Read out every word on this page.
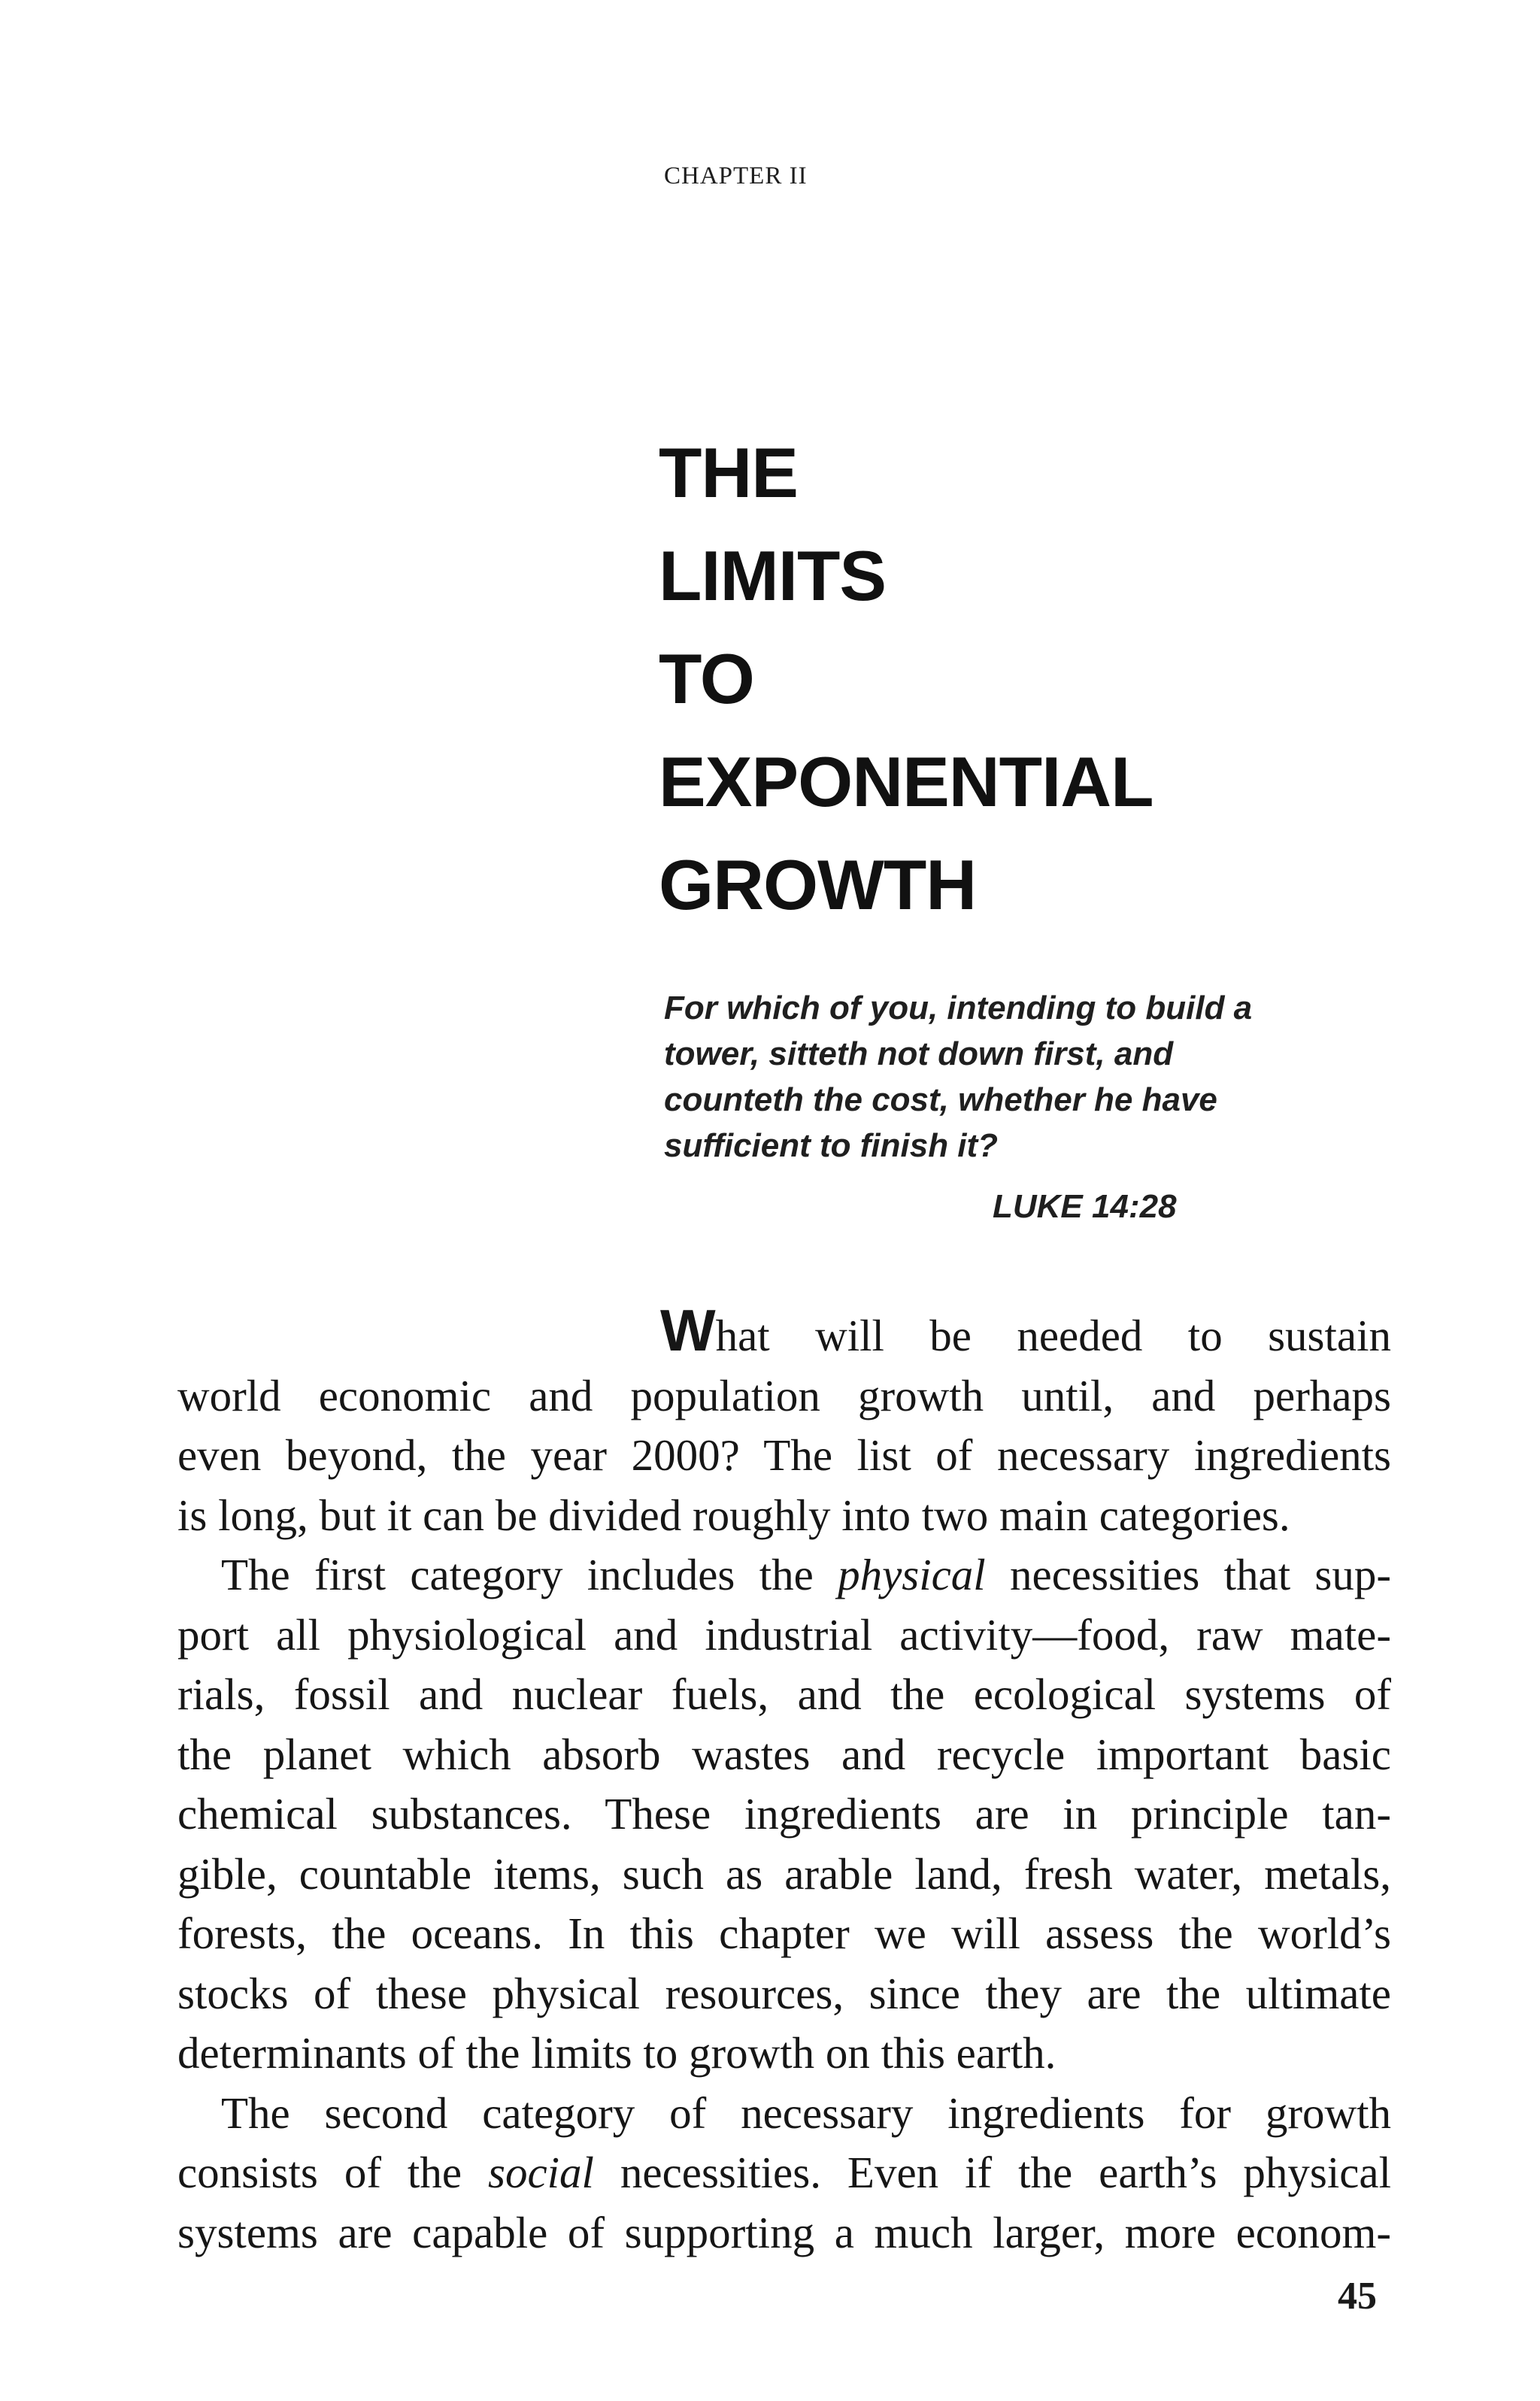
CHAPTER II
THE
LIMITS
TO
EXPONENTIAL
GROWTH
For which of you, intending to build a
tower, sitteth not down first, and
counteth the cost, whether he have
sufficient to finish it?
LUKE 14:28
What will be needed to sustain
world economic and population growth until, and perhaps
even beyond, the year 2000? The list of necessary ingredients
is long, but it can be divided roughly into two main categories.
The first category includes the physical necessities that sup-
port all physiological and industrial activity—food, raw mate-
rials, fossil and nuclear fuels, and the ecological systems of
the planet which absorb wastes and recycle important basic
chemical substances. These ingredients are in principle tan-
gible, countable items, such as arable land, fresh water, metals,
forests, the oceans. In this chapter we will assess the world’s
stocks of these physical resources, since they are the ultimate
determinants of the limits to growth on this earth.
The second category of necessary ingredients for growth
consists of the social necessities. Even if the earth’s physical
systems are capable of supporting a much larger, more econom-
45
